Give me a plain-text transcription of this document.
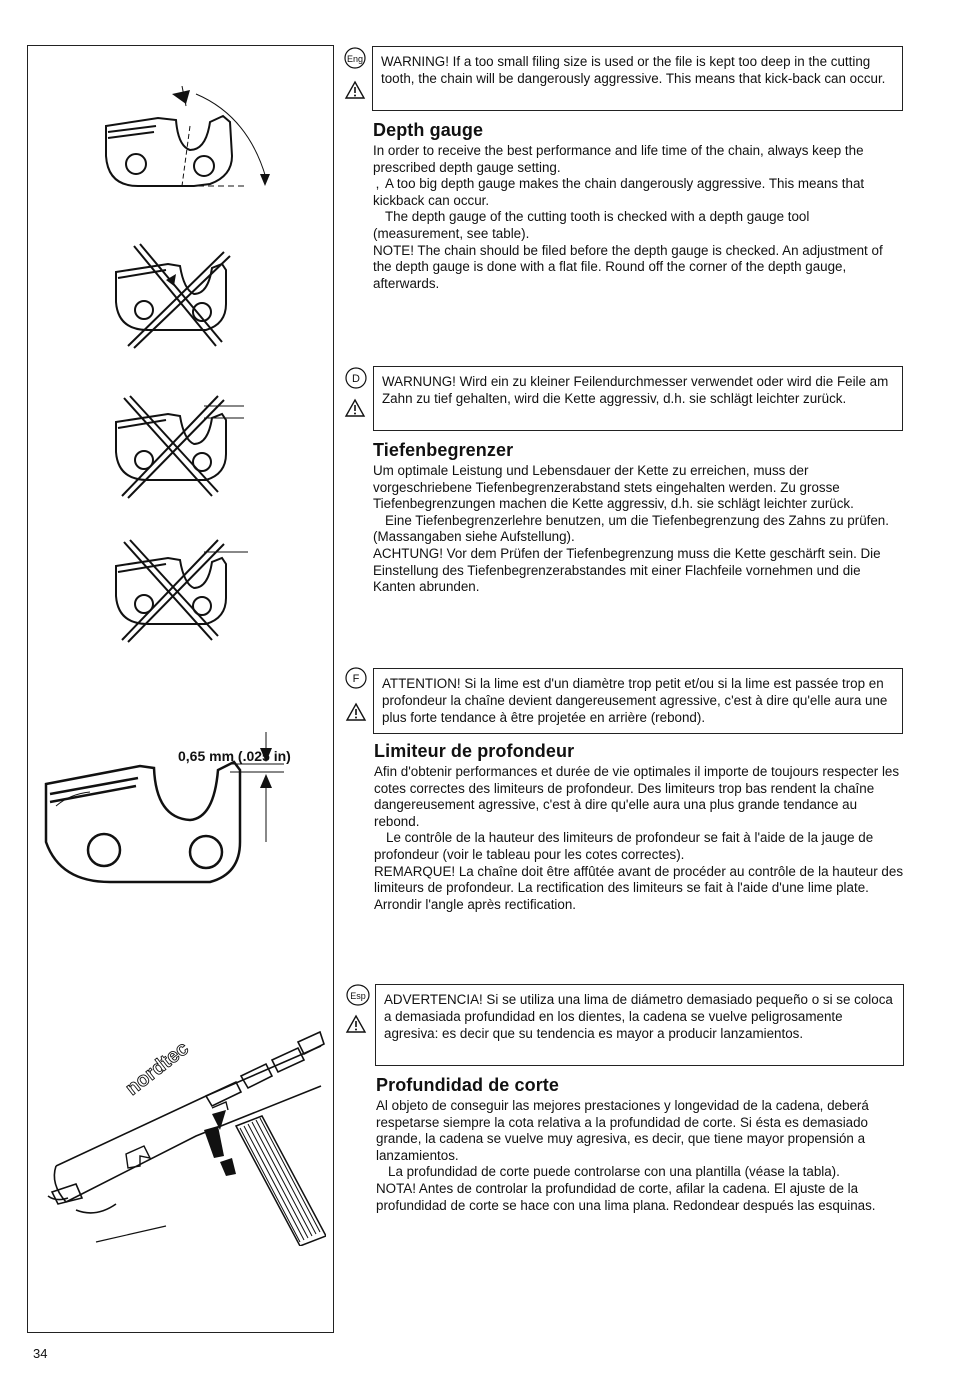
nordtec
0,65 mm (.025 in)
Eng	WARNING! If a too small filing size is used or the file is kept too deep in the cutting tooth, the chain will be dangerously aggressive. This means that kick-back can occur.
Depth gauge

In order to receive the best performance and life time of the chain, always keep the prescribed depth gauge setting.

‚ A too big depth gauge makes the chain dangerously aggressive. This means that kickback can occur.

The depth gauge of the cutting tooth is checked with a depth gauge tool (measurement, see table).

NOTE! The chain should be filed before the depth gauge is checked. An adjustment of the depth gauge is done with a flat file. Round off the corner of the depth gauge, afterwards.

D	WARNUNG! Wird ein zu kleiner Feilendurchmesser verwendet oder wird die Feile am Zahn zu tief gehalten, wird die Kette aggressiv, d.h. sie schlägt leichter zurück.
Tiefenbegrenzer

Um optimale Leistung und Lebensdauer der Kette zu erreichen, muss der vorgeschriebene Tiefenbegrenzerabstand stets eingehalten werden. Zu grosse Tiefenbegrenzungen machen die Kette aggressiv, d.h. sie schlägt leichter zurück.

Eine Tiefenbegrenzerlehre benutzen, um die Tiefenbegrenzung des Zahns zu prüfen. (Massangaben siehe Aufstellung).

ACHTUNG! Vor dem Prüfen der Tiefenbegrenzung muss die Kette geschärft sein. Die Einstellung des Tiefenbegrenzerabstandes mit einer Flachfeile vornehmen und die Kanten abrunden.

F	ATTENTION! Si la lime est d'un diamètre trop petit et/ou si la lime est passée trop en profondeur la chaîne devient dangereusement agressive, c'est à dire qu'elle aura une plus forte tendance à être projetée en arrière (rebond).
Limiteur de profondeur

Afin d'obtenir performances et durée de vie optimales il importe de toujours respecter les cotes correctes des limiteurs de profondeur. Des limiteurs trop bas rendent la chaîne dangereusement agressive, c'est à dire qu'elle aura una plus grande tendance au rebond.

Le contrôle de la hauteur des limiteurs de profondeur se fait à l'aide de la jauge de profondeur (voir le tableau pour les cotes correctes).

REMARQUE! La chaîne doit être affûtée avant de procéder au contrôle de la hauteur des limiteurs de profondeur. La rectification des limiteurs se fait à l'aide d'une lime plate. Arrondir l'angle après rectification.

Esp	ADVERTENCIA! Si se utiliza una lima de diámetro demasiado pequeño o si se coloca a demasiada profundidad en los dientes, la cadena se vuelve peligrosamente agresiva: es decir que su tendencia es mayor a producir lanzamientos.
Profundidad de corte

Al objeto de conseguir las mejores prestaciones y longevidad de la cadena, deberá respetarse siempre la cota relativa a la profundidad de corte. Si ésta es demasiado grande, la cadena se vuelve muy agresiva, es decir, que tiene mayor propensión a lanzamientos.

La profundidad de corte puede controlarse con una plantilla (véase la tabla).

NOTA! Antes de controlar la profundidad de corte, afilar la cadena. El ajuste de la profundidad de corte se hace con una lima plana. Redondear después las esquinas.

34
